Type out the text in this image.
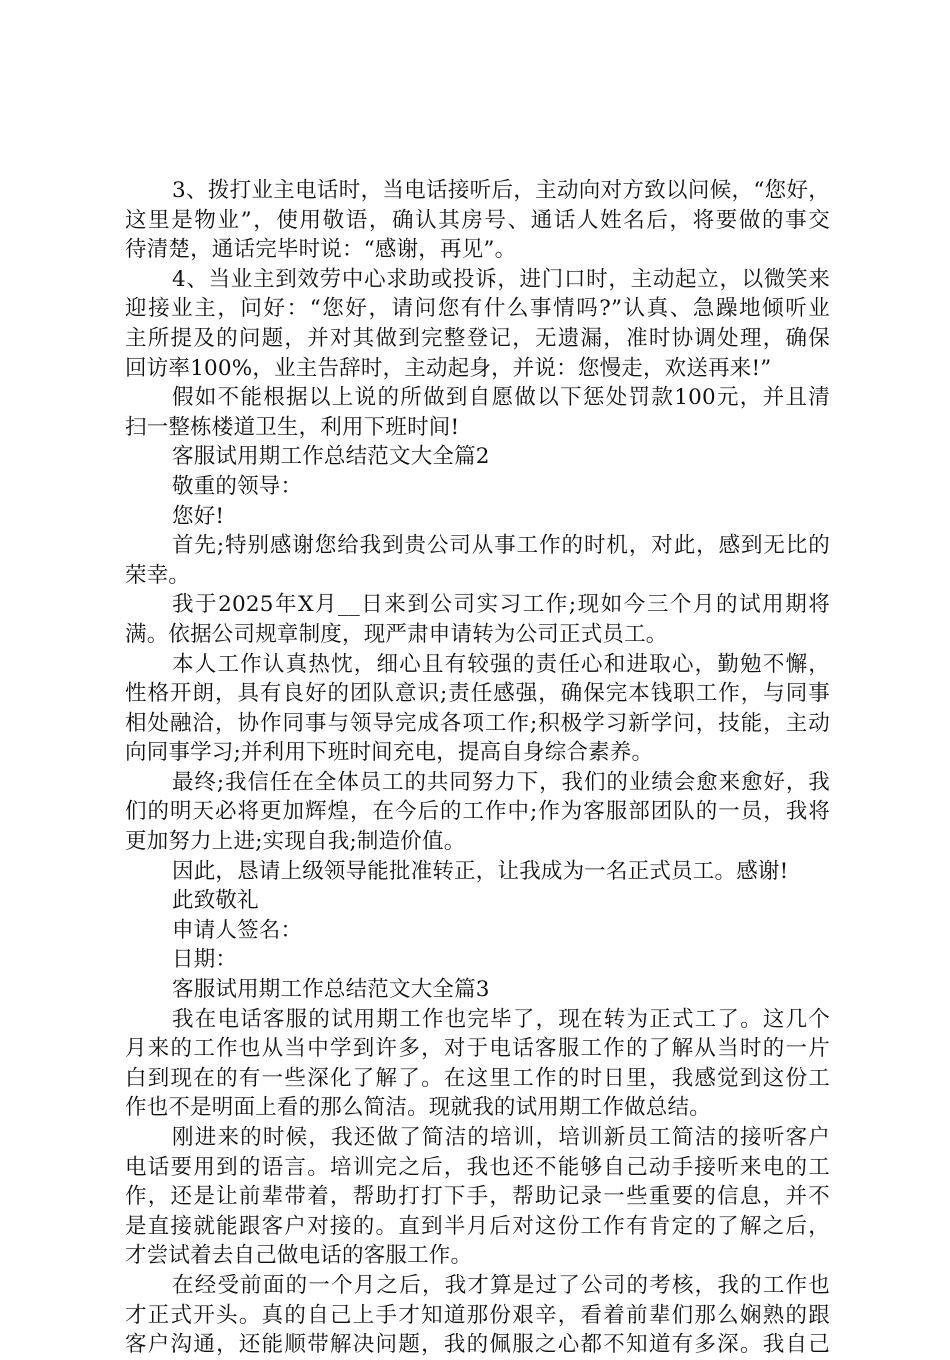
3、拨打业主电话时，当电话接听后，主动向对方致以问候，“您好，
这里是物业”，使用敬语，确认其房号、通话人姓名后，将要做的事交
待清楚，通话完毕时说：“感谢，再见”。
4、当业主到效劳中心求助或投诉，进门口时，主动起立，以微笑来
迎接业主，问好：“您好，请问您有什么事情吗?”认真、急躁地倾听业
主所提及的问题，并对其做到完整登记，无遗漏，准时协调处理，确保
回访率100%，业主告辞时，主动起身，并说：您慢走，欢送再来!”
假如不能根据以上说的所做到自愿做以下惩处罚款100元，并且清
扫一整栋楼道卫生，利用下班时间!
客服试用期工作总结范文大全篇2
敬重的领导：
您好!
首先;特别感谢您给我到贵公司从事工作的时机，对此，感到无比的
荣幸。
我于2025年X月__日来到公司实习工作;现如今三个月的试用期将
满。依据公司规章制度，现严肃申请转为公司正式员工。
本人工作认真热忱，细心且有较强的责任心和进取心，勤勉不懈，
性格开朗，具有良好的团队意识;责任感强，确保完本钱职工作，与同事
相处融洽，协作同事与领导完成各项工作;积极学习新学问，技能，主动
向同事学习;并利用下班时间充电，提高自身综合素养。
最终;我信任在全体员工的共同努力下，我们的业绩会愈来愈好，我
们的明天必将更加辉煌，在今后的工作中;作为客服部团队的一员，我将
更加努力上进;实现自我;制造价值。
因此，恳请上级领导能批准转正，让我成为一名正式员工。感谢!
此致敬礼
申请人签名：
日期：
客服试用期工作总结范文大全篇3
我在电话客服的试用期工作也完毕了，现在转为正式工了。这几个
月来的工作也从当中学到许多，对于电话客服工作的了解从当时的一片
白到现在的有一些深化了解了。在这里工作的时日里，我感觉到这份工
作也不是明面上看的那么简洁。现就我的试用期工作做总结。
刚进来的时候，我还做了简洁的培训，培训新员工简洁的接听客户
电话要用到的语言。培训完之后，我也还不能够自己动手接听来电的工
作，还是让前辈带着，帮助打打下手，帮助记录一些重要的信息，并不
是直接就能跟客户对接的。直到半月后对这份工作有肯定的了解之后，
才尝试着去自己做电话的客服工作。
在经受前面的一个月之后，我才算是过了公司的考核，我的工作也
才正式开头。真的自己上手才知道那份艰辛，看着前辈们那么娴熟的跟
客户沟通，还能顺带解决问题，我的佩服之心都不知道有多深。我自己
